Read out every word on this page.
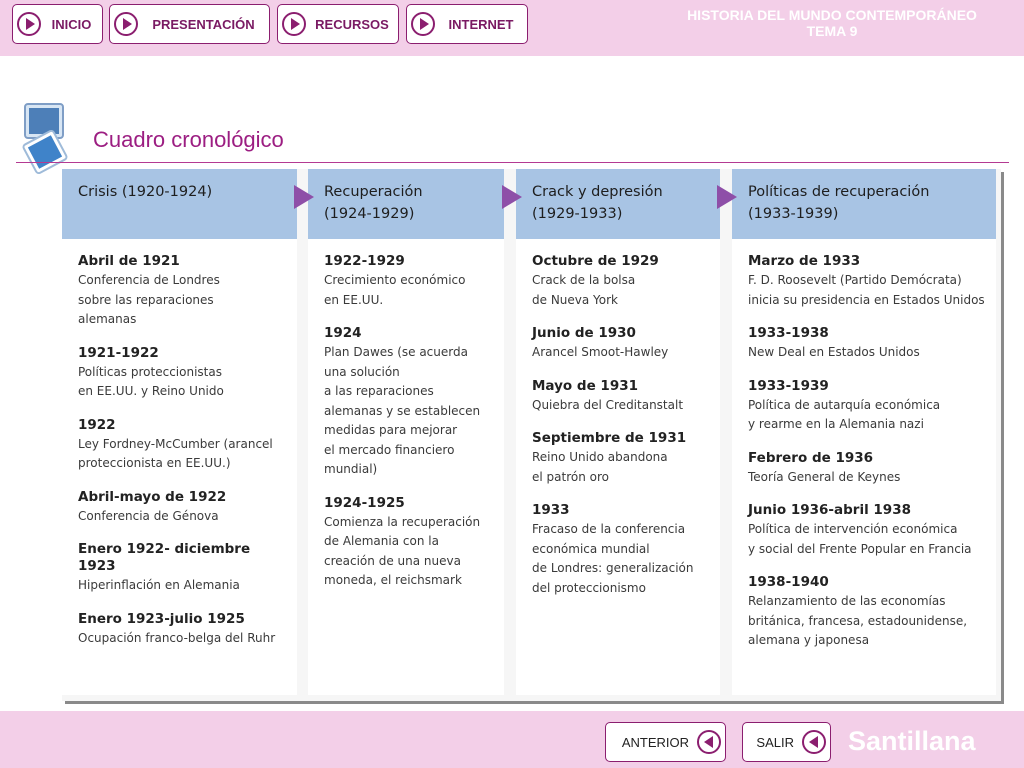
INICIO	PRESENTACIÓN	RECURSOS	INTERNET
HISTORIA DEL MUNDO CONTEMPORÁNEO
TEMA 9
Cuadro cronológico
Crisis (1920-1924)
Abril de 1921
Conferencia de Londres
sobre las reparaciones
alemanas
1921-1922
Políticas proteccionistas
en EE.UU. y Reino Unido
1922
Ley Fordney-McCumber (arancel
proteccionista en EE.UU.)
Abril-mayo de 1922
Conferencia de Génova
Enero 1922- diciembre 1923
Hiperinflación en Alemania
Enero 1923-julio 1925
Ocupación franco-belga del Ruhr
Recuperación
(1924-1929)
1922-1929
Crecimiento económico
en EE.UU.
1924
Plan Dawes (se acuerda
una solución
a las reparaciones
alemanas y se establecen
medidas para mejorar
el mercado financiero
mundial)
1924-1925
Comienza la recuperación
de Alemania con la
creación de una nueva
moneda, el reichsmark
Crack y depresión
(1929-1933)
Octubre de 1929
Crack de la bolsa
de Nueva York
Junio de 1930
Arancel Smoot-Hawley
Mayo de 1931
Quiebra del Creditanstalt
Septiembre de 1931
Reino Unido abandona
el patrón oro
1933
Fracaso de la conferencia
económica mundial
de Londres: generalización
del proteccionismo
Políticas de recuperación
(1933-1939)
Marzo de 1933
F. D. Roosevelt (Partido Demócrata)
inicia su presidencia en Estados Unidos
1933-1938
New Deal en Estados Unidos
1933-1939
Política de autarquía económica
y rearme en la Alemania nazi
Febrero de 1936
Teoría General de Keynes
Junio 1936-abril 1938
Política de intervención económica
y social del Frente Popular en Francia
1938-1940
Relanzamiento de las economías
británica, francesa, estadounidense,
alemana y japonesa
ANTERIOR	SALIR Santillana
